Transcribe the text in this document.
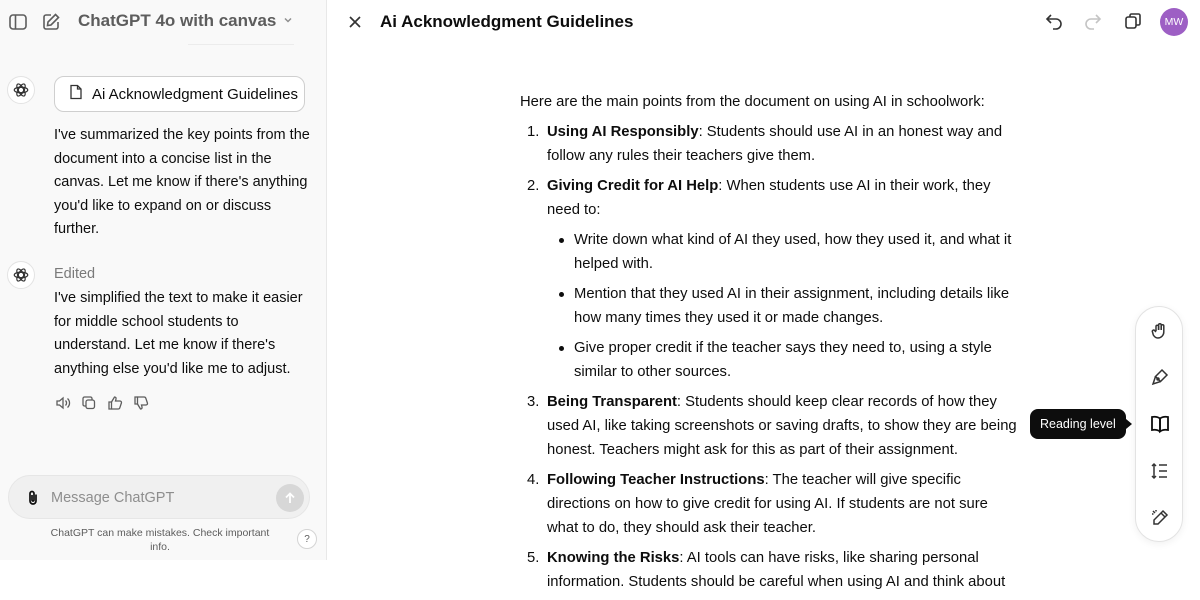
ChatGPT 4o with canvas
Ai Acknowledgment Guidelines
I've summarized the key points from the document into a concise list in the canvas. Let me know if there's anything you'd like to expand on or discuss further.
Edited
I've simplified the text to make it easier for middle school students to understand. Let me know if there's anything else you'd like me to adjust.
Message ChatGPT
ChatGPT can make mistakes. Check important info.
?
Ai Acknowledgment Guidelines	MW

Here are the main points from the document on using AI in schoolwork:

1. Using AI Responsibly: Students should use AI in an honest way and follow any rules their teachers give them.
2. Giving Credit for AI Help: When students use AI in their work, they need to:
Write down what kind of AI they used, how they used it, and what it helped with.
Mention that they used AI in their assignment, including details like how many times they used it or made changes.
Give proper credit if the teacher says they need to, using a style similar to other sources.
3. Being Transparent: Students should keep clear records of how they used AI, like taking screenshots or saving drafts, to show they are being honest. Teachers might ask for this as part of their assignment.
4. Following Teacher Instructions: The teacher will give specific directions on how to give credit for using AI. If students are not sure what to do, they should ask their teacher.
5. Knowing the Risks: AI tools can have risks, like sharing personal information. Students should be careful when using AI and think about
Reading level
